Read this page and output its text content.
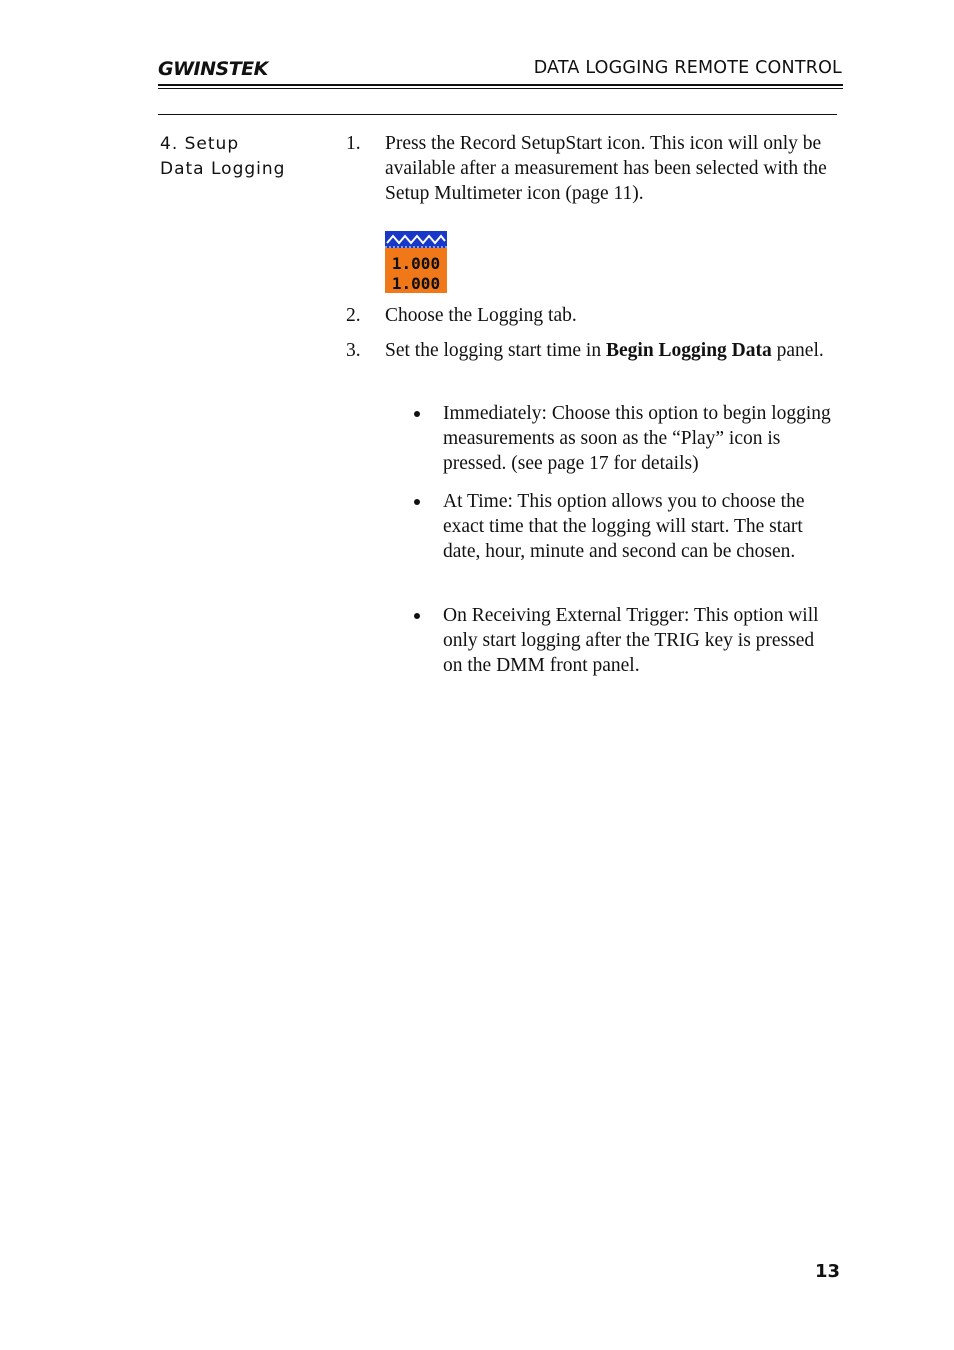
GWINSTEK	DATA LOGGING REMOTE CONTROL
4. Setup
Data Logging
1. Press the Record SetupStart icon. This icon will only be available after a measurement has been selected with the Setup Multimeter icon (page 11).
1.000
1.000
2. Choose the Logging tab.
3. Set the logging start time in Begin Logging Data panel.
Immediately: Choose this option to begin logging measurements as soon as the “Play” icon is pressed. (see page 17 for details)
At Time: This option allows you to choose the exact time that the logging will start. The start date, hour, minute and second can be chosen.
On Receiving External Trigger: This option will only start logging after the TRIG key is pressed on the DMM front panel.
13
